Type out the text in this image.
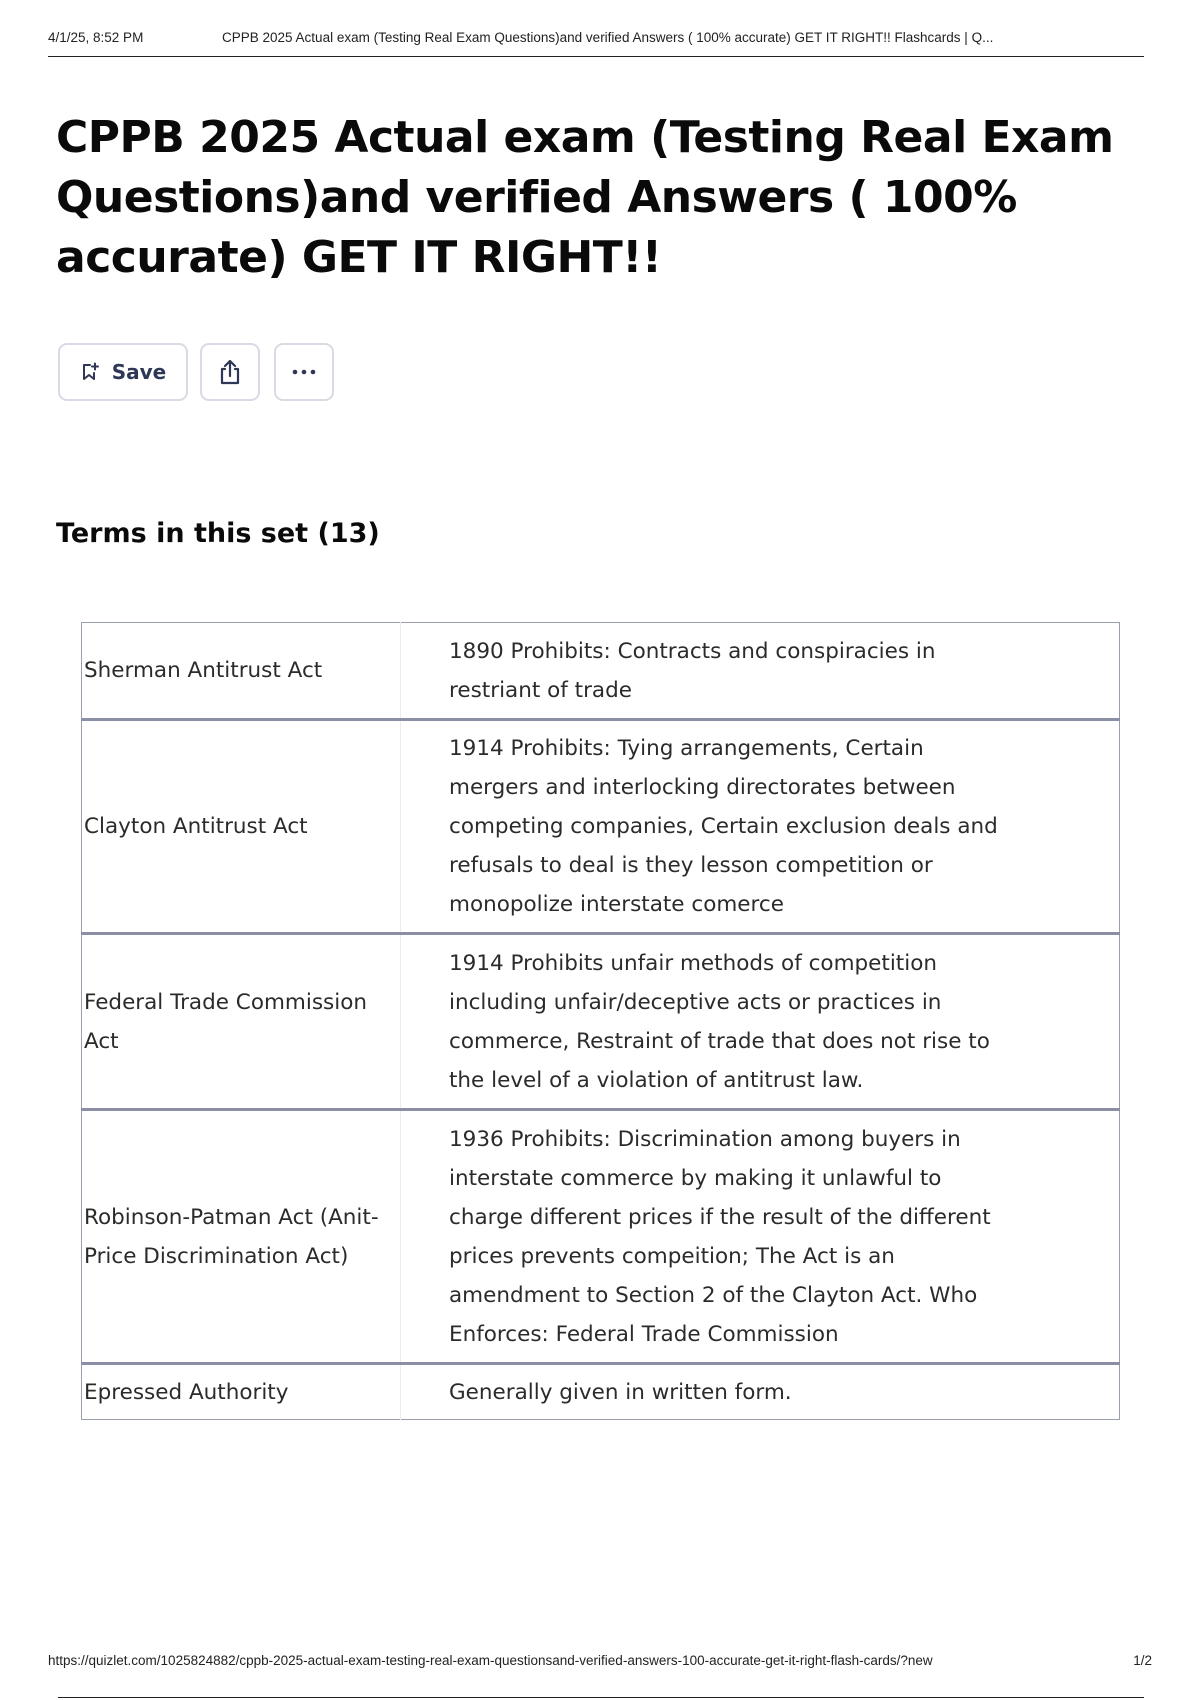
4/1/25, 8:52 PM	CPPB 2025 Actual exam (Testing Real Exam Questions)and verified Answers ( 100% accurate) GET IT RIGHT!! Flashcards | Q...
CPPB 2025 Actual exam (Testing Real Exam Questions)and verified Answers ( 100% accurate) GET IT RIGHT!!
Save
Terms in this set (13)
Sherman Antitrust Act	1890 Prohibits: Contracts and conspiracies in restriant of trade
Clayton Antitrust Act	1914 Prohibits: Tying arrangements, Certain mergers and interlocking directorates between competing companies, Certain exclusion deals and refusals to deal is they lesson competition or monopolize interstate comerce
Federal Trade Commission Act	1914 Prohibits unfair methods of competition including unfair/deceptive acts or practices in commerce, Restraint of trade that does not rise to the level of a violation of antitrust law.
Robinson-Patman Act (Anit-Price Discrimination Act)	1936 Prohibits: Discrimination among buyers in interstate commerce by making it unlawful to charge different prices if the result of the different prices prevents compeition; The Act is an amendment to Section 2 of the Clayton Act. Who Enforces: Federal Trade Commission
Epressed Authority	Generally given in written form.
https://quizlet.com/1025824882/cppb-2025-actual-exam-testing-real-exam-questionsand-verified-answers-100-accurate-get-it-right-flash-cards/?new	1/2
